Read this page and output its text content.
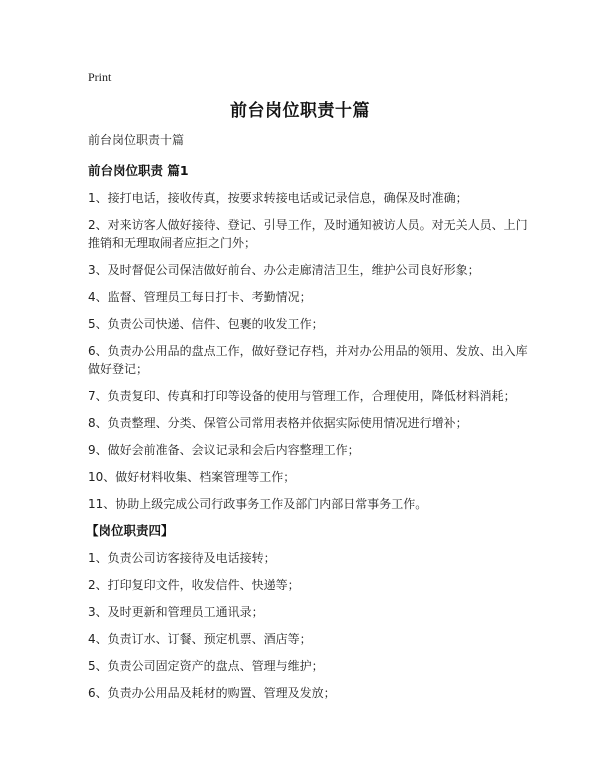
Print
前台岗位职责十篇

前台岗位职责十篇

前台岗位职责 篇1

1、接打电话，接收传真，按要求转接电话或记录信息，确保及时准确；

2、对来访客人做好接待、登记、引导工作，及时通知被访人员。对无关人员、上门推销和无理取闹者应拒之门外；

3、及时督促公司保洁做好前台、办公走廊清洁卫生，维护公司良好形象；

4、监督、管理员工每日打卡、考勤情况；

5、负责公司快递、信件、包裹的收发工作；

6、负责办公用品的盘点工作，做好登记存档，并对办公用品的领用、发放、出入库做好登记；

7、负责复印、传真和打印等设备的使用与管理工作，合理使用，降低材料消耗；

8、负责整理、分类、保管公司常用表格并依据实际使用情况进行增补；

9、做好会前准备、会议记录和会后内容整理工作；

10、做好材料收集、档案管理等工作；

11、协助上级完成公司行政事务工作及部门内部日常事务工作。

【岗位职责四】

1、负责公司访客接待及电话接转；

2、打印复印文件，收发信件、快递等；

3、及时更新和管理员工通讯录；

4、负责订水、订餐、预定机票、酒店等；

5、负责公司固定资产的盘点、管理与维护；

6、负责办公用品及耗材的购置、管理及发放；
